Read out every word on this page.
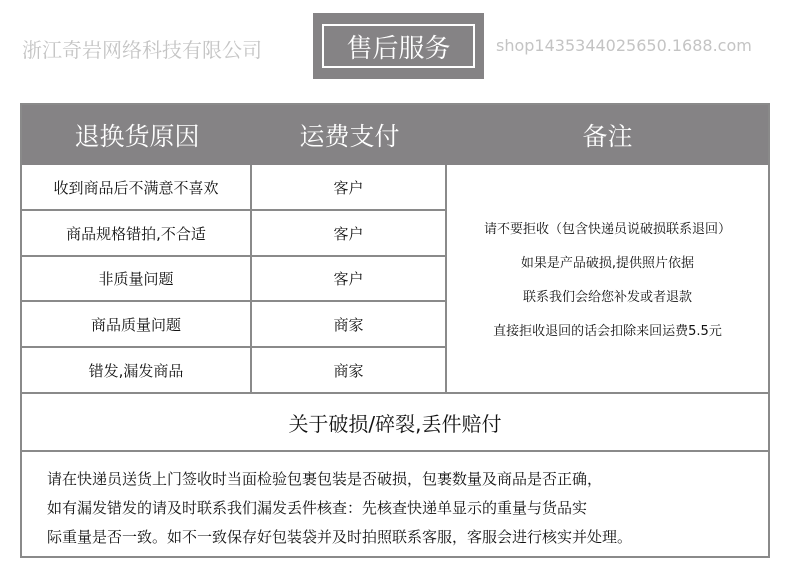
售后服务
退换货原因	运费支付	备注
收到商品后不满意不喜欢	客户
商品规格错拍,不合适	客户
非质量问题	客户
商品质量问题	商家
错发,漏发商品	商家
请不要拒收（包含快递员说破损联系退回）
如果是产品破损,提供照片依据
联系我们会给您补发或者退款
直接拒收退回的话会扣除来回运费5.5元
关于破损/碎裂,丢件赔付
请在快递员送货上门签收时当面检验包裹包装是否破损，包裹数量及商品是否正确，
如有漏发错发的请及时联系我们漏发丢件核查：先核查快递单显示的重量与货品实
际重量是否一致。如不一致保存好包装袋并及时拍照联系客服，客服会进行核实并处理。
浙江奇岩网络科技有限公司	shop1435344025650.1688.com
